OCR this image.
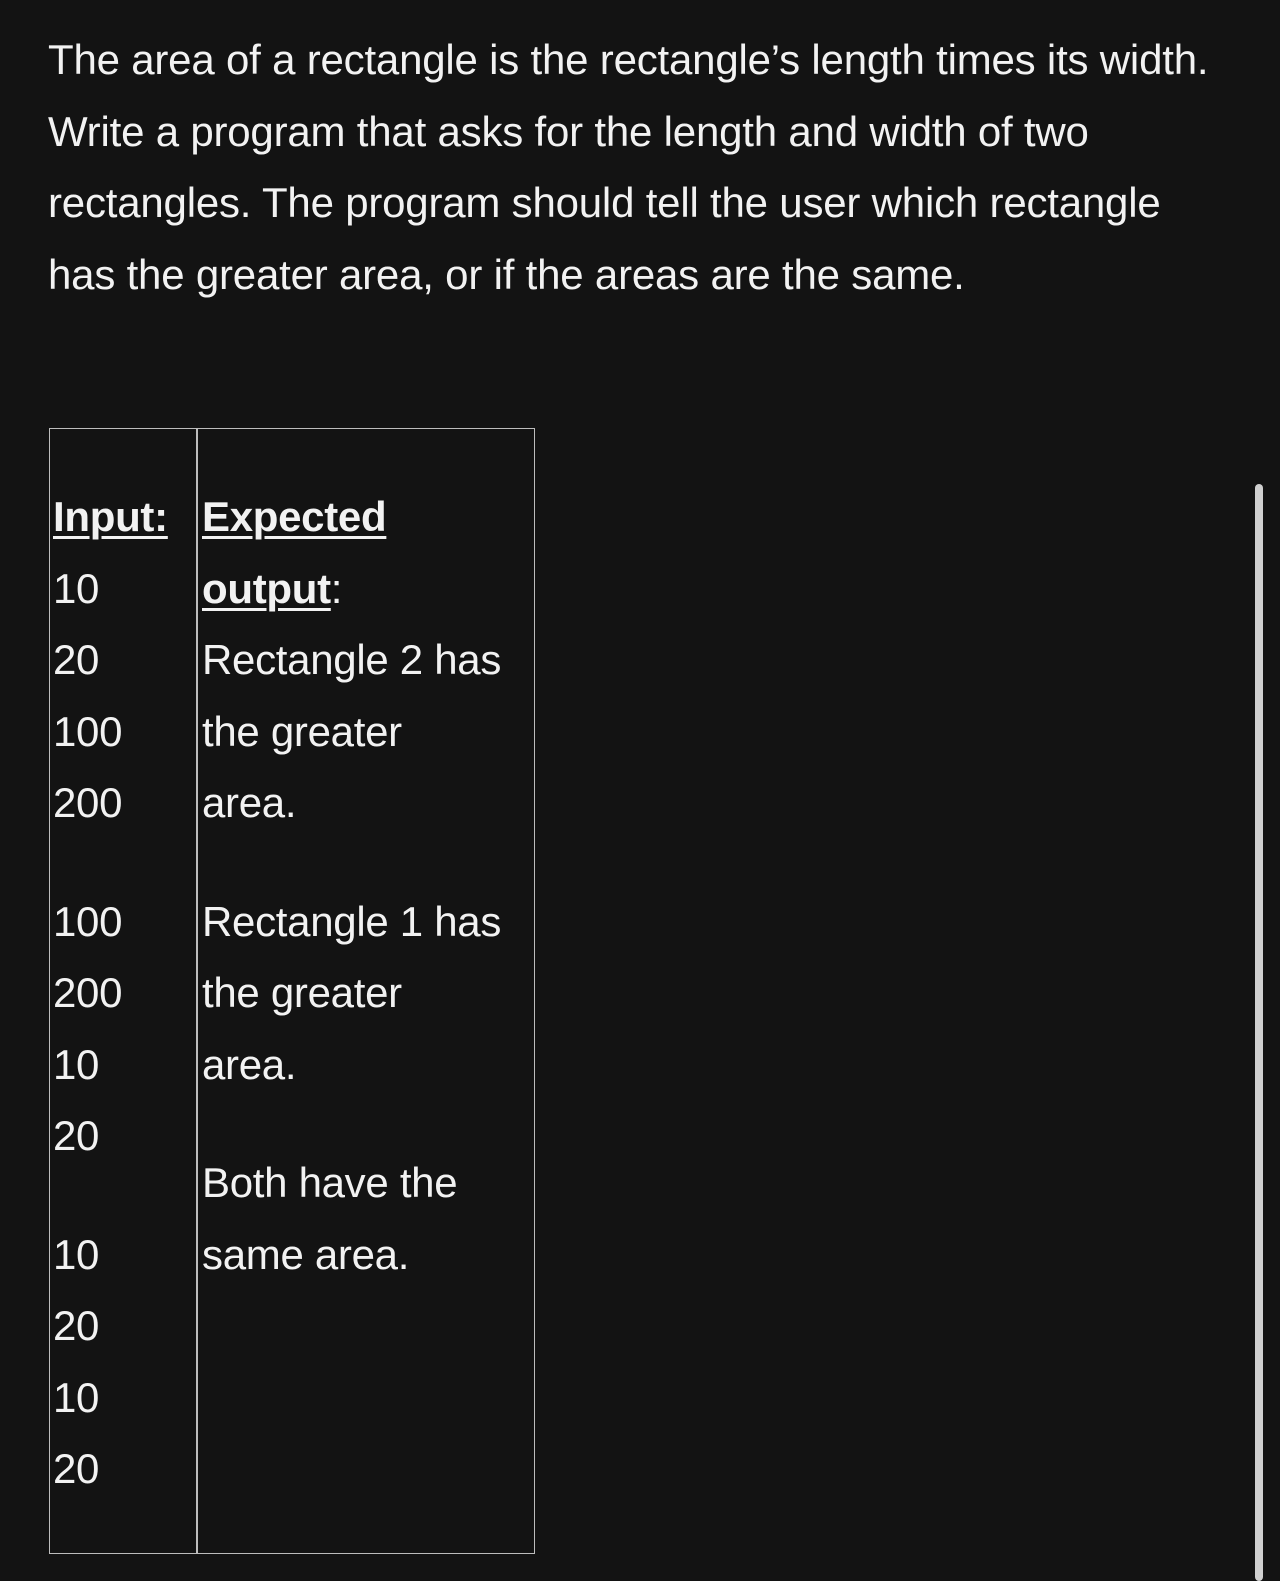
The area of a rectangle is the rectangle’s length times its width. Write a program that asks for the length and width of two rectangles. The program should tell the user which rectangle has the greater area, or if the areas are the same.

Input:
10
20
100
200
100
200
10
20
10
20
10
20
Expected
output:
Rectangle 2 has
the greater
area.
Rectangle 1 has
the greater
area.
Both have the
same area.
